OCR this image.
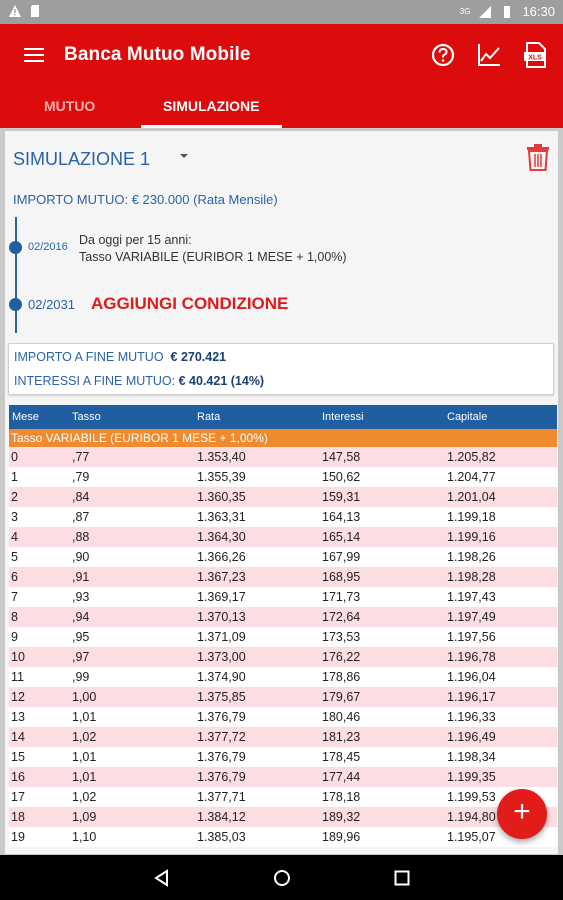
3G	16:30
Banca Mutuo Mobile	XLS
MUTUO	SIMULAZIONE
SIMULAZIONE 1
IMPORTO MUTUO: € 230.000 (Rata Mensile)
02/2016 Da oggi per 15 anni:
Tasso VARIABILE (EURIBOR 1 MESE + 1,00%)
02/2031 AGGIUNGI CONDIZIONE
IMPORTO A FINE MUTUO € 270.421
INTERESSI A FINE MUTUO: € 40.421 (14%)
Mese	Tasso	Rata	Interessi	Capitale
Tasso VARIABILE (EURIBOR 1 MESE + 1,00%)
0	,77	1.353,40	147,58	1.205,82
1	,79	1.355,39	150,62	1.204,77
2	,84	1.360,35	159,31	1.201,04
3	,87	1.363,31	164,13	1.199,18
4	,88	1.364,30	165,14	1.199,16
5	,90	1.366,26	167,99	1.198,26
6	,91	1.367,23	168,95	1.198,28
7	,93	1.369,17	171,73	1.197,43
8	,94	1.370,13	172,64	1.197,49
9	,95	1.371,09	173,53	1.197,56
10	,97	1.373,00	176,22	1.196,78
11	,99	1.374,90	178,86	1.196,04
12	1,00	1.375,85	179,67	1.196,17
13	1,01	1.376,79	180,46	1.196,33
14	1,02	1.377,72	181,23	1.196,49
15	1,01	1.376,79	178,45	1.198,34
16	1,01	1.376,79	177,44	1.199,35
17	1,02	1.377,71	178,18	1.199,53
18	1,09	1.384,12	189,32	1.194,80
19	1,10	1.385,03	189,96	1.195,07
+
